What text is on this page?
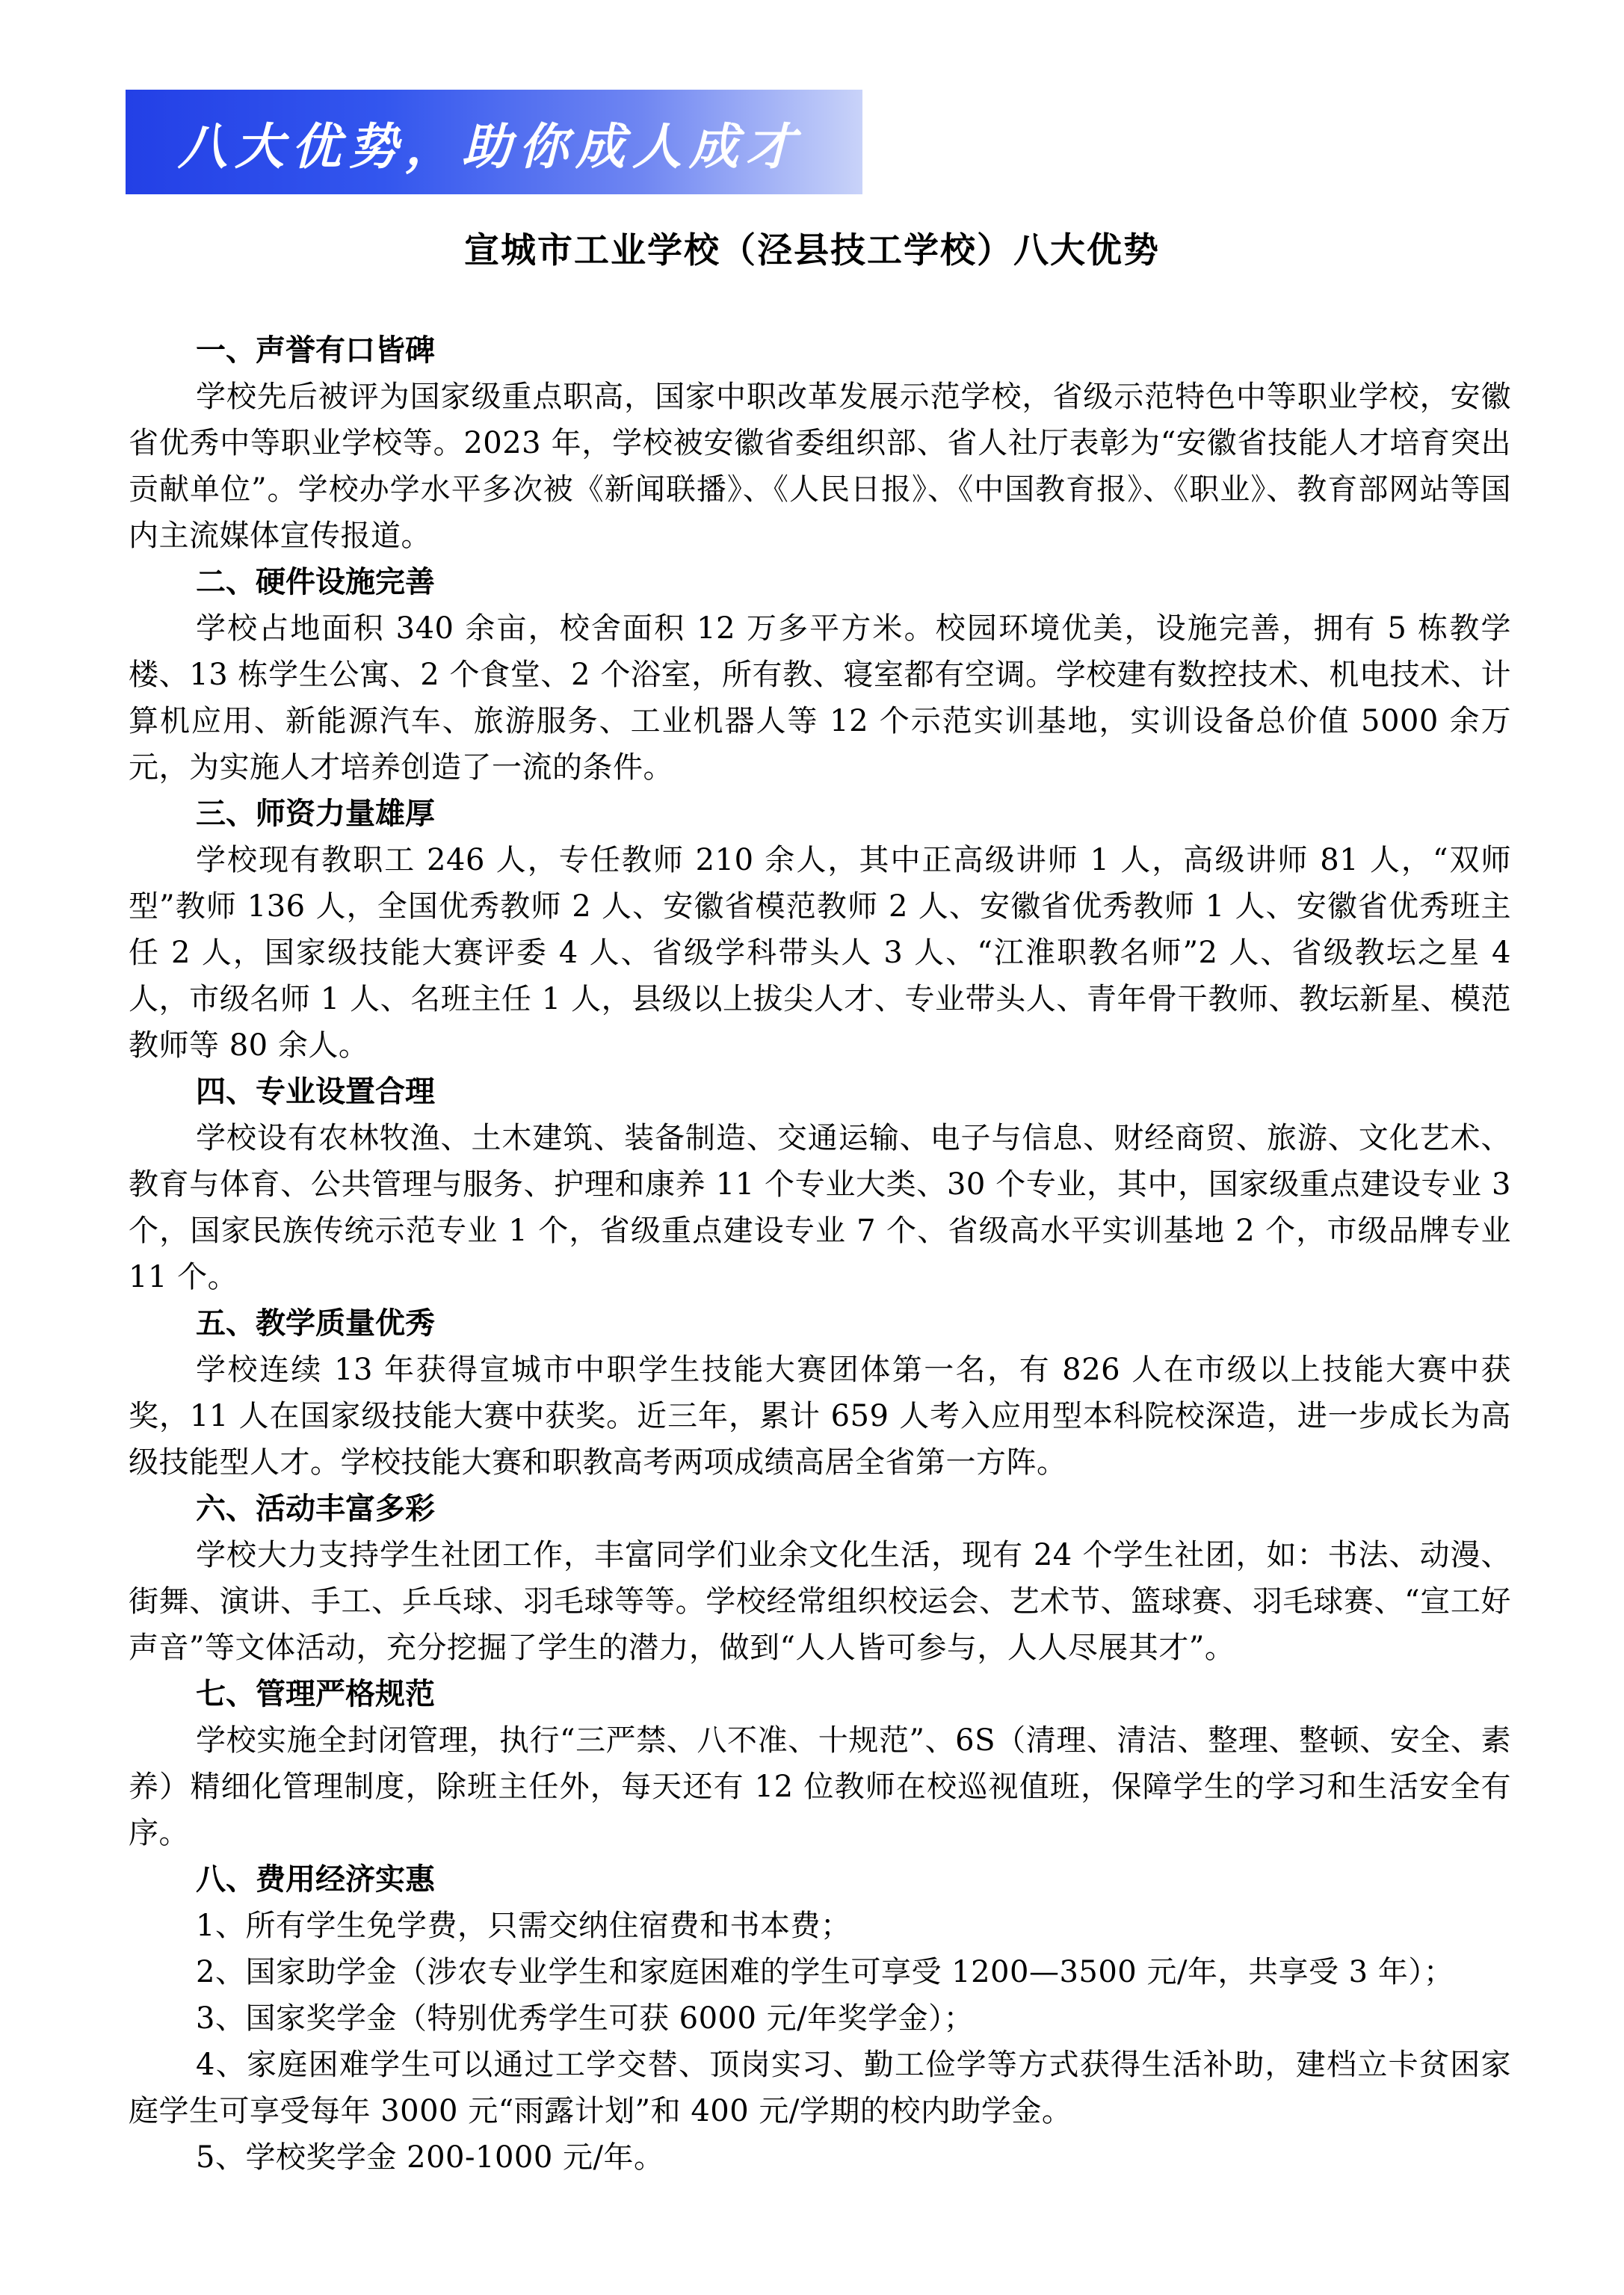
八大优势，助你成人成才
宣城市工业学校（泾县技工学校）八大优势
一、声誉有口皆碑

学校先后被评为国家级重点职高，国家中职改革发展示范学校，省级示范特色中等职业学校，安徽省优秀中等职业学校等。2023 年，学校被安徽省委组织部、省人社厅表彰为“安徽省技能人才培育突出贡献单位”。学校办学水平多次被《新闻联播》、《人民日报》、《中国教育报》、《职业》、教育部网站等国内主流媒体宣传报道。

二、硬件设施完善

学校占地面积 340 余亩，校舍面积 12 万多平方米。校园环境优美，设施完善，拥有 5 栋教学楼、13 栋学生公寓、2 个食堂、2 个浴室，所有教、寝室都有空调。学校建有数控技术、机电技术、计算机应用、新能源汽车、旅游服务、工业机器人等 12 个示范实训基地，实训设备总价值 5000 余万元，为实施人才培养创造了一流的条件。

三、师资力量雄厚

学校现有教职工 246 人，专任教师 210 余人，其中正高级讲师 1 人，高级讲师 81 人，“双师型”教师 136 人，全国优秀教师 2 人、安徽省模范教师 2 人、安徽省优秀教师 1 人、安徽省优秀班主任 2 人，国家级技能大赛评委 4 人、省级学科带头人 3 人、“江淮职教名师”2 人、省级教坛之星 4 人，市级名师 1 人、名班主任 1 人，县级以上拔尖人才、专业带头人、青年骨干教师、教坛新星、模范教师等 80 余人。

四、专业设置合理

学校设有农林牧渔、土木建筑、装备制造、交通运输、电子与信息、财经商贸、旅游、文化艺术、教育与体育、公共管理与服务、护理和康养 11 个专业大类、30 个专业，其中，国家级重点建设专业 3 个，国家民族传统示范专业 1 个，省级重点建设专业 7 个、省级高水平实训基地 2 个，市级品牌专业 11 个。

五、教学质量优秀

学校连续 13 年获得宣城市中职学生技能大赛团体第一名，有 826 人在市级以上技能大赛中获奖，11 人在国家级技能大赛中获奖。近三年，累计 659 人考入应用型本科院校深造，进一步成长为高级技能型人才。学校技能大赛和职教高考两项成绩高居全省第一方阵。

六、活动丰富多彩

学校大力支持学生社团工作，丰富同学们业余文化生活，现有 24 个学生社团，如：书法、动漫、街舞、演讲、手工、乒乓球、羽毛球等等。学校经常组织校运会、艺术节、篮球赛、羽毛球赛、“宣工好声音”等文体活动，充分挖掘了学生的潜力，做到“人人皆可参与，人人尽展其才”。

七、管理严格规范

学校实施全封闭管理，执行“三严禁、八不准、十规范”、6S（清理、清洁、整理、整顿、安全、素养）精细化管理制度，除班主任外，每天还有 12 位教师在校巡视值班，保障学生的学习和生活安全有序。

八、费用经济实惠

1、所有学生免学费，只需交纳住宿费和书本费；

2、国家助学金（涉农专业学生和家庭困难的学生可享受 1200—3500 元/年，共享受 3 年）；

3、国家奖学金（特别优秀学生可获 6000 元/年奖学金）；

4、家庭困难学生可以通过工学交替、顶岗实习、勤工俭学等方式获得生活补助，建档立卡贫困家庭学生可享受每年 3000 元“雨露计划”和 400 元/学期的校内助学金。

5、学校奖学金 200-1000 元/年。
